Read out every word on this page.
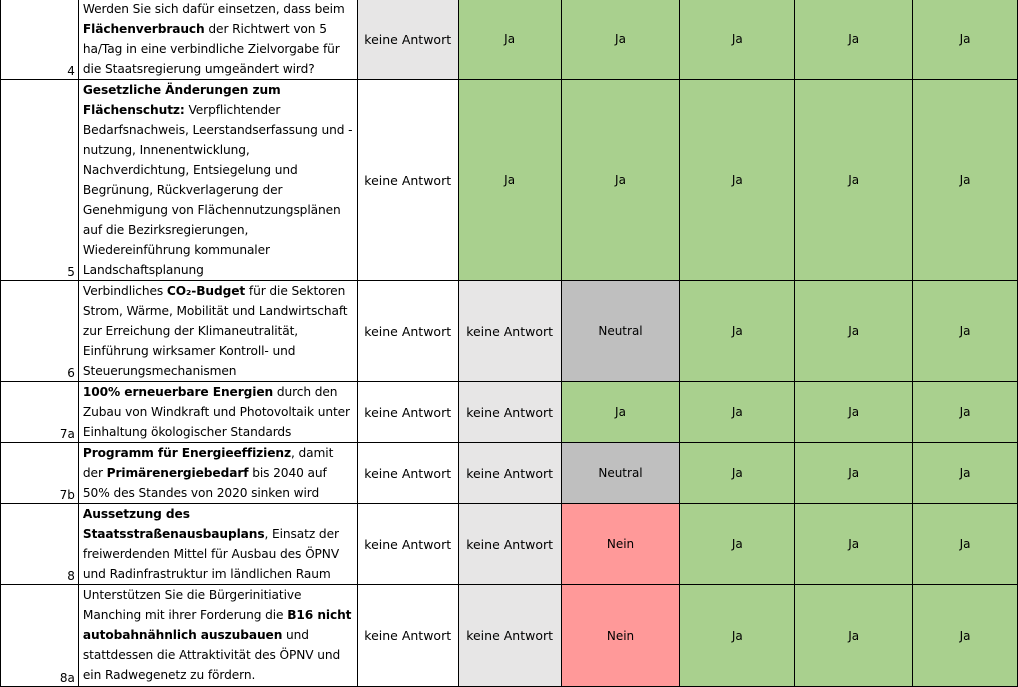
4	Werden Sie sich dafür einsetzen, dass beim Flächenverbrauch der Richtwert von 5 ha/Tag in eine verbindliche Zielvorgabe für die Staatsregierung umgeändert wird?	keine Antwort	Ja	Ja	Ja	Ja	Ja
5	Gesetzliche Änderungen zum Flächenschutz: Verpflichtender Bedarfsnachweis, Leerstandserfassung und -nutzung, Innenentwicklung, Nachverdichtung, Entsiegelung und Begrünung, Rückverlagerung der Genehmigung von Flächennutzungsplänen auf die Bezirksregierungen, Wiedereinführung kommunaler Landschaftsplanung	keine Antwort	Ja	Ja	Ja	Ja	Ja
6	Verbindliches CO₂-Budget für die Sektoren Strom, Wärme, Mobilität und Landwirtschaft zur Erreichung der Klimaneutralität, Einführung wirksamer Kontroll- und Steuerungsmechanismen	keine Antwort	keine Antwort	Neutral	Ja	Ja	Ja
7a	100% erneuerbare Energien durch den Zubau von Windkraft und Photovoltaik unter Einhaltung ökologischer Standards	keine Antwort	keine Antwort	Ja	Ja	Ja	Ja
7b	Programm für Energieeffizienz, damit der Primärenergiebedarf bis 2040 auf 50% des Standes von 2020 sinken wird	keine Antwort	keine Antwort	Neutral	Ja	Ja	Ja
8	Aussetzung des Staatsstraßenausbauplans, Einsatz der freiwerdenden Mittel für Ausbau des ÖPNV und Radinfrastruktur im ländlichen Raum	keine Antwort	keine Antwort	Nein	Ja	Ja	Ja
8a	Unterstützen Sie die Bürgerinitiative Manching mit ihrer Forderung die B16 nicht autobahnähnlich auszubauen und stattdessen die Attraktivität des ÖPNV und ein Radwegenetz zu fördern.	keine Antwort	keine Antwort	Nein	Ja	Ja	Ja
